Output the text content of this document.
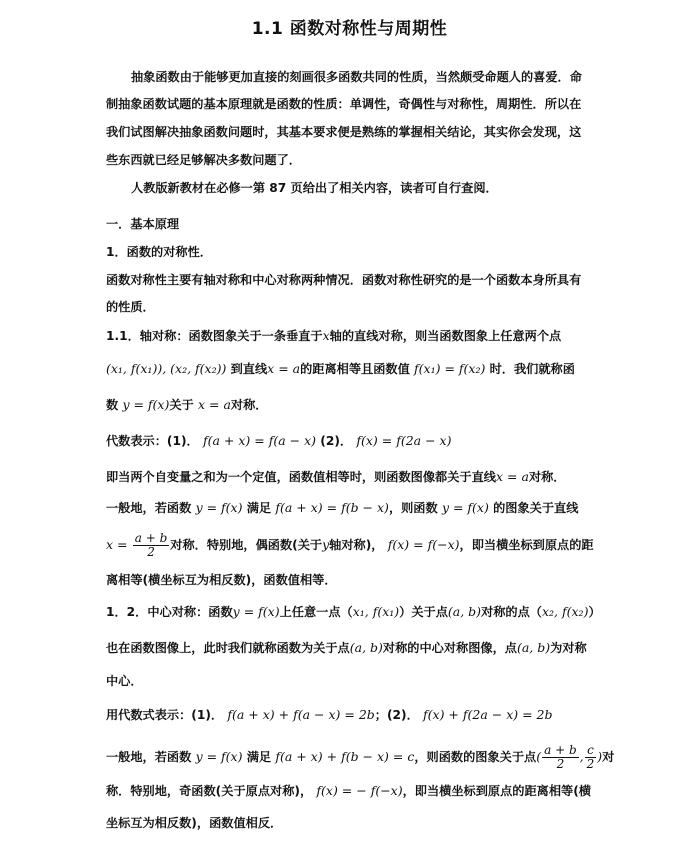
1.1 函数对称性与周期性
抽象函数由于能够更加直接的刻画很多函数共同的性质，当然颇受命题人的喜爱．命
制抽象函数试题的基本原理就是函数的性质：单调性，奇偶性与对称性，周期性．所以在
我们试图解决抽象函数问题时，其基本要求便是熟练的掌握相关结论，其实你会发现，这
些东西就已经足够解决多数问题了．
人教版新教材在必修一第 87 页给出了相关内容，读者可自行查阅．
一．基本原理
1．函数的对称性．
函数对称性主要有轴对称和中心对称两种情况．函数对称性研究的是一个函数本身所具有
的性质．
1.1．轴对称：函数图象关于一条垂直于x轴的直线对称，则当函数图象上任意两个点
(x₁, f(x₁)), (x₂, f(x₂)) 到直线x = a的距离相等且函数值 f(x₁) = f(x₂) 时．我们就称函
数 y = f(x)关于 x = a对称．
代数表示：(1)． f(a + x) = f(a − x) (2)． f(x) = f(2a − x)
即当两个自变量之和为一个定值，函数值相等时，则函数图像都关于直线x = a对称．
一般地，若函数 y = f(x) 满足 f(a + x) = f(b − x)，则函数 y = f(x) 的图象关于直线
$x = \frac{a + b}{2}$ 对称．特别地，偶函数(关于y轴对称)， f(x) = f(−x)，即当横坐标到原点的距
离相等(横坐标互为相反数)，函数值相等．
1．2．中心对称：函数y = f(x)上任意一点（x₁, f(x₁)）关于点(a, b)对称的点（x₂, f(x₂)）
也在函数图像上，此时我们就称函数为关于点(a, b)对称的中心对称图像，点(a, b)为对称
中心．
用代数式表示：(1)． f(a + x) + f(a − x) = 2b；(2)． f(x) + f(2a − x) = 2b
一般地，若函数 y = f(x) 满足 f(a + x) + f(b − x) = c，则函数的图象关于点( $\frac{a + b}{2}$ , $\frac{c}{2}$ )对
称．特别地，奇函数(关于原点对称)， f(x) = − f(−x)，即当横坐标到原点的距离相等(横
坐标互为相反数)，函数值相反．
